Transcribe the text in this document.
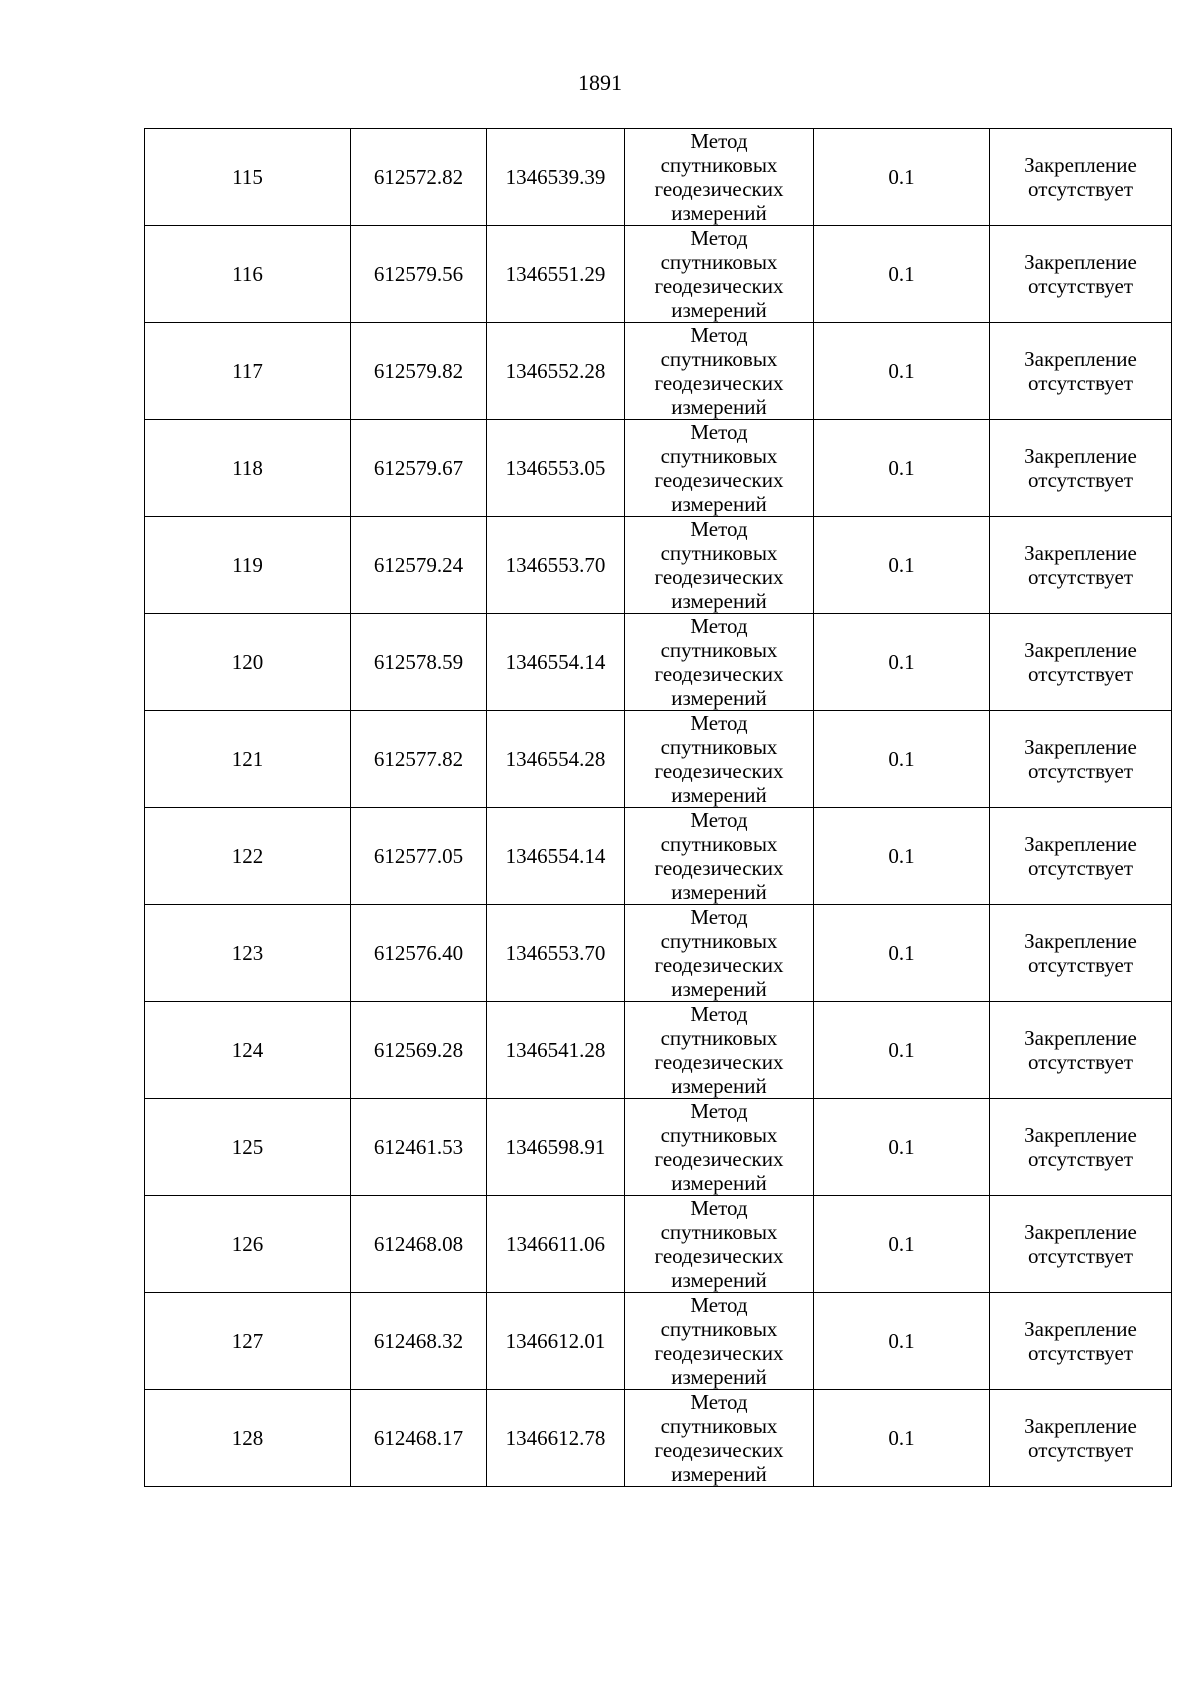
1891
115	612572.82	1346539.39	Метод
спутниковых
геодезических
измерений	0.1	Закрепление
отсутствует

116	612579.56	1346551.29	Метод
спутниковых
геодезических
измерений	0.1	Закрепление
отсутствует

117	612579.82	1346552.28	Метод
спутниковых
геодезических
измерений	0.1	Закрепление
отсутствует

118	612579.67	1346553.05	Метод
спутниковых
геодезических
измерений	0.1	Закрепление
отсутствует

119	612579.24	1346553.70	Метод
спутниковых
геодезических
измерений	0.1	Закрепление
отсутствует

120	612578.59	1346554.14	Метод
спутниковых
геодезических
измерений	0.1	Закрепление
отсутствует

121	612577.82	1346554.28	Метод
спутниковых
геодезических
измерений	0.1	Закрепление
отсутствует

122	612577.05	1346554.14	Метод
спутниковых
геодезических
измерений	0.1	Закрепление
отсутствует

123	612576.40	1346553.70	Метод
спутниковых
геодезических
измерений	0.1	Закрепление
отсутствует

124	612569.28	1346541.28	Метод
спутниковых
геодезических
измерений	0.1	Закрепление
отсутствует

125	612461.53	1346598.91	Метод
спутниковых
геодезических
измерений	0.1	Закрепление
отсутствует

126	612468.08	1346611.06	Метод
спутниковых
геодезических
измерений	0.1	Закрепление
отсутствует

127	612468.32	1346612.01	Метод
спутниковых
геодезических
измерений	0.1	Закрепление
отсутствует

128	612468.17	1346612.78	Метод
спутниковых
геодезических
измерений	0.1	Закрепление
отсутствует
